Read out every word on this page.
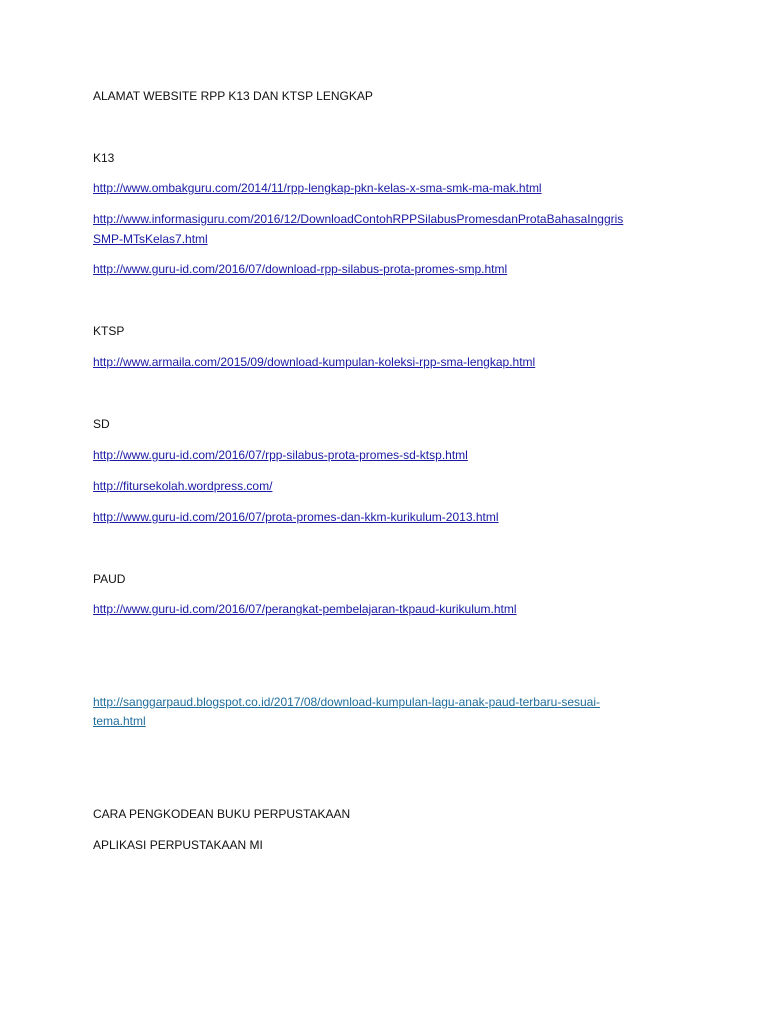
ALAMAT WEBSITE RPP K13 DAN KTSP LENGKAP
K13
http://www.ombakguru.com/2014/11/rpp-lengkap-pkn-kelas-x-sma-smk-ma-mak.html
http://www.informasiguru.com/2016/12/DownloadContohRPPSilabusPromesdanProtaBahasaInggris
SMP-MTsKelas7.html
http://www.guru-id.com/2016/07/download-rpp-silabus-prota-promes-smp.html
KTSP
http://www.armaila.com/2015/09/download-kumpulan-koleksi-rpp-sma-lengkap.html
SD
http://www.guru-id.com/2016/07/rpp-silabus-prota-promes-sd-ktsp.html
http://fitursekolah.wordpress.com/
http://www.guru-id.com/2016/07/prota-promes-dan-kkm-kurikulum-2013.html
PAUD
http://www.guru-id.com/2016/07/perangkat-pembelajaran-tkpaud-kurikulum.html
http://sanggarpaud.blogspot.co.id/2017/08/download-kumpulan-lagu-anak-paud-terbaru-sesuai-
tema.html
CARA PENGKODEAN BUKU PERPUSTAKAAN
APLIKASI PERPUSTAKAAN MI
